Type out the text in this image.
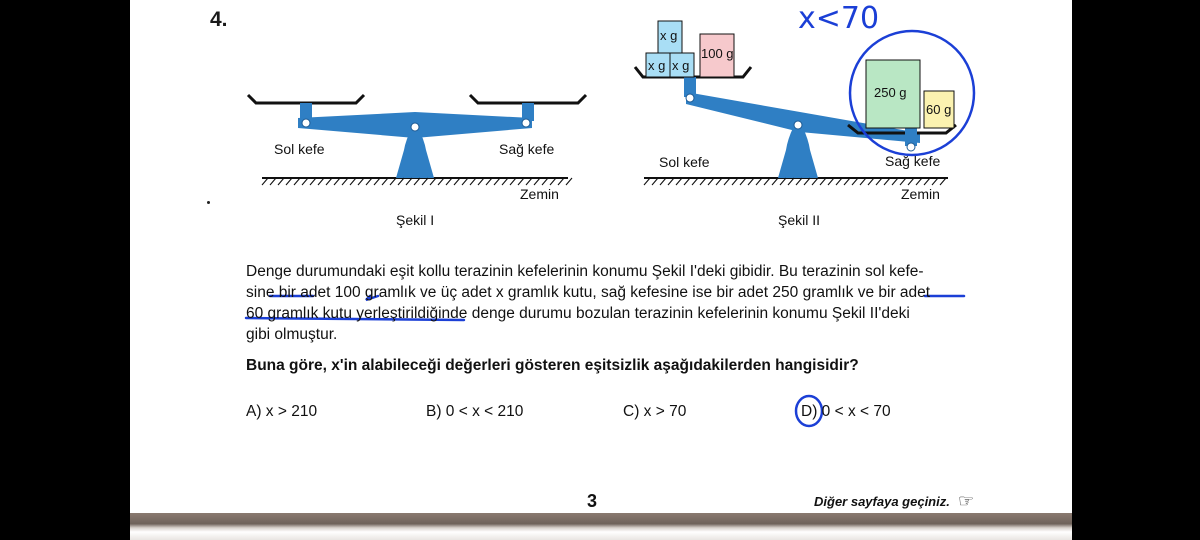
4.
x g x g
x g
100 g
250 g
60 g
x<70
Sol kefe	Sağ kefe
Zemin
Şekil I
Sol kefe	Sağ kefe
Zemin
Şekil II
Denge durumundaki eşit kollu terazinin kefelerinin konumu Şekil I'deki gibidir. Bu terazinin sol kefe-
sine bir adet 100 gramlık ve üç adet x gramlık kutu, sağ kefesine ise bir adet 250 gramlık ve bir adet
60 gramlık kutu yerleştirildiğinde denge durumu bozulan terazinin kefelerinin konumu Şekil II'deki
gibi olmuştur.
Buna göre, x'in alabileceği değerleri gösteren eşitsizlik aşağıdakilerden hangisidir?
A) x > 210	B) 0 < x < 210	C) x > 70	D) 0 < x < 70
3	Diğer sayfaya geçiniz. ☞
